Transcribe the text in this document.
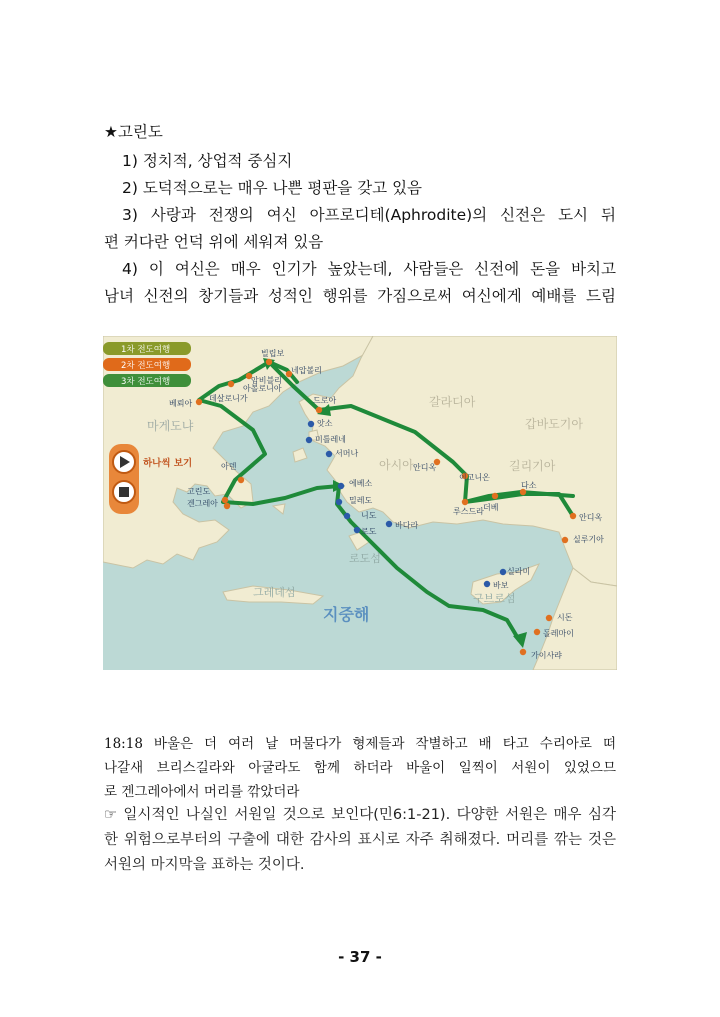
★고린도
1) 정치적, 상업적 중심지
2) 도덕적으로는 매우 나쁜 평판을 갖고 있음
3) 사랑과 전쟁의 여신 아프로디테(Aphrodite)의 신전은 도시 뒤
편 커다란 언덕 위에 세워져 있음
4) 이 여신은 매우 인기가 높았는데, 사람들은 신전에 돈을 바치고
남녀 신전의 창기들과 성적인 행위를 가짐으로써 여신에게 예배를 드림
마게도냐
갈라디아
갑바도기아
아시아	길리기아
로도섬
구브로섬
그레데섬
지중해
1차 전도여행
2차 전도여행
3차 전도여행
하나씩 보기
빌립보
네압볼리
암비블리
아볼로니아
데살로니가
베뢰아	드로아
앗소
미틀레네
서머나
아덴
고린도
겐그레아
에베소
밀레도
니도
바다라
로도
안디옥
이고니온
루스드라 더베
다소
안디옥
실루기아
실라미
바보
시돈
돌레마이
가이사랴
18:18 바울은 더 여러 날 머물다가 형제들과 작별하고 배 타고 수리아로 떠
나갈새 브리스길라와 아굴라도 함께 하더라 바울이 일찍이 서원이 있었으므
로 겐그레아에서 머리를 깎았더라
☞ 일시적인 나실인 서원일 것으로 보인다(민6:1-21). 다양한 서원은 매우 심각
한 위험으로부터의 구출에 대한 감사의 표시로 자주 취해졌다. 머리를 깎는 것은
서원의 마지막을 표하는 것이다.
- 37 -
